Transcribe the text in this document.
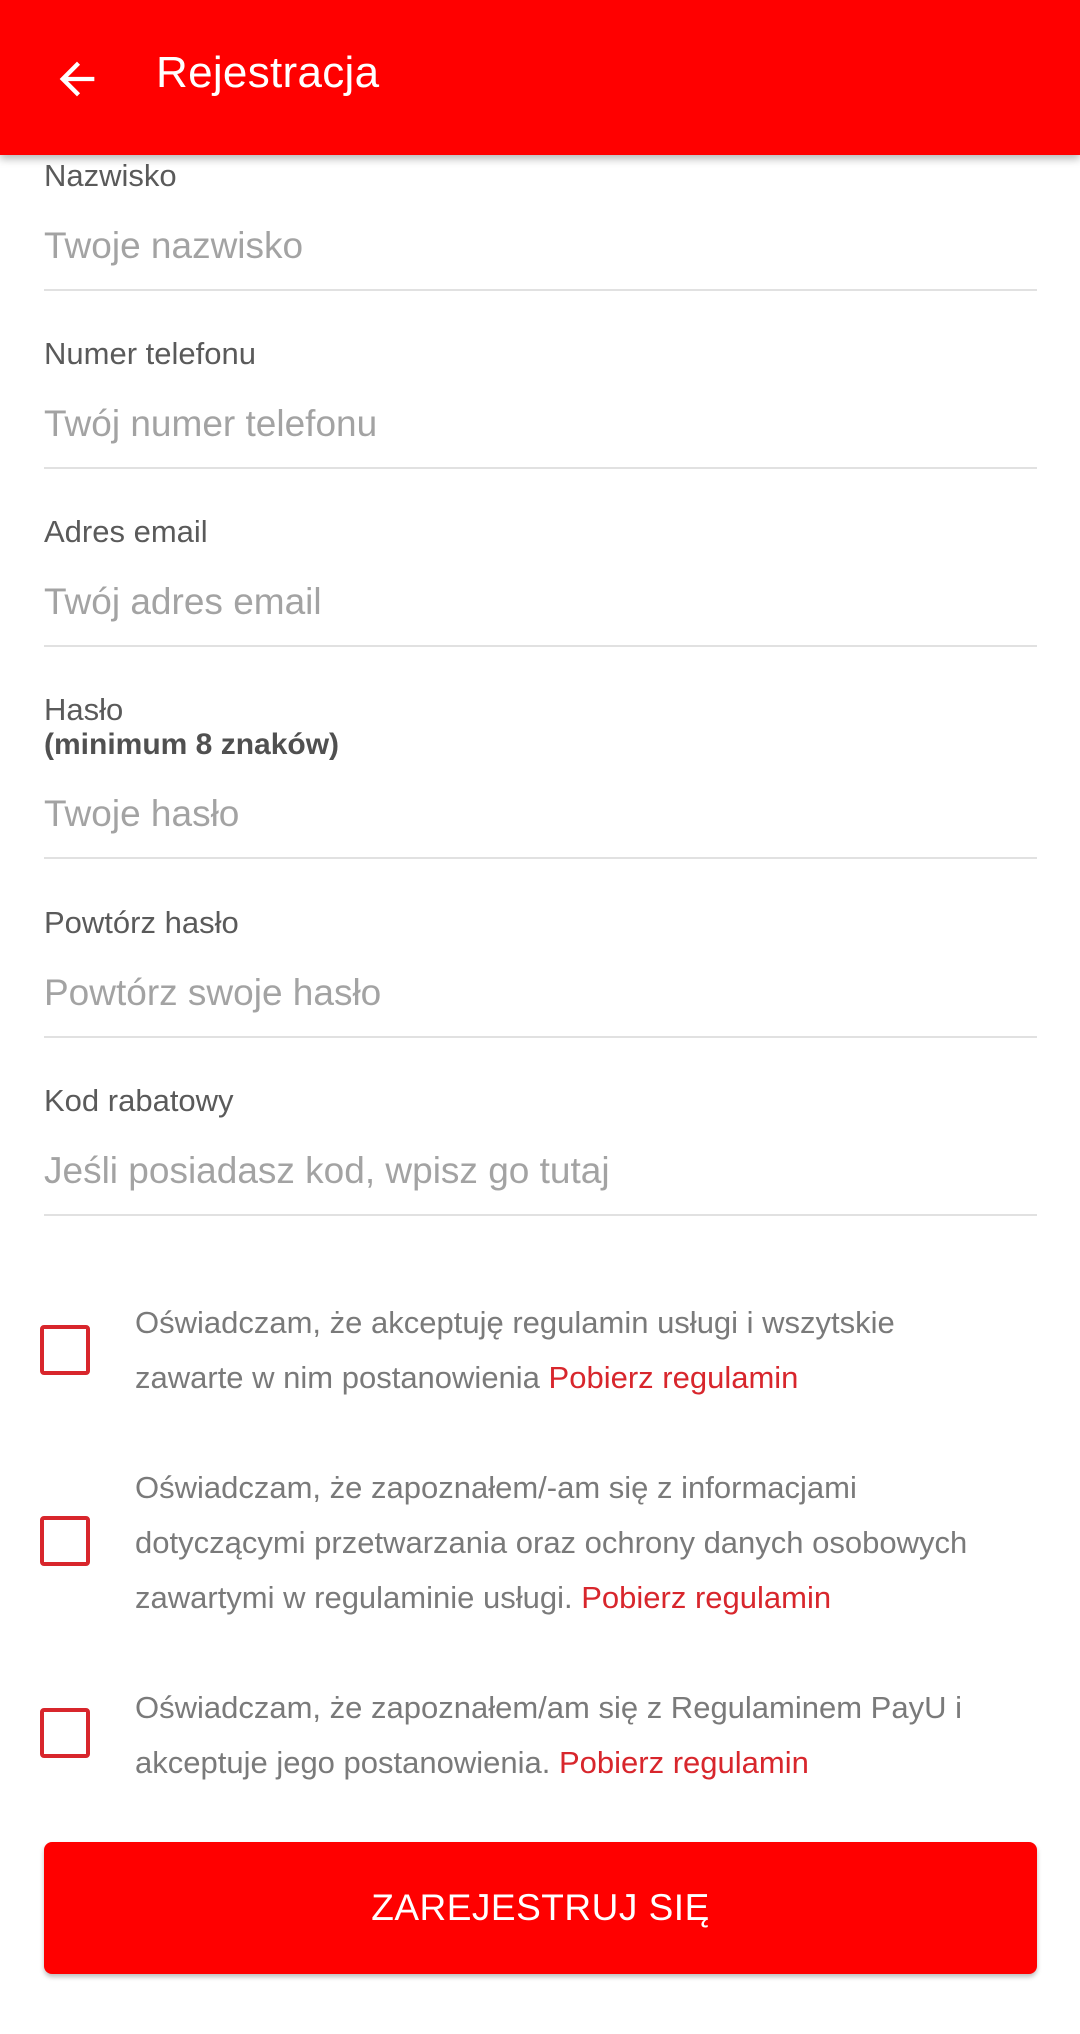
Rejestracja
Nazwisko
Twoje nazwisko
Numer telefonu
Twój numer telefonu
Adres email
Twój adres email
Hasło
(minimum 8 znaków)
Powtórz hasło
Kod rabatowy
Jeśli posiadasz kod, wpisz go tutaj
Oświadczam, że akceptuję regulamin usługi i wszytskie zawarte w nim postanowienia Pobierz regulamin
Oświadczam, że zapoznałem/-am się z informacjami dotyczącymi przetwarzania oraz ochrony danych osobowych zawartymi w regulaminie usługi. Pobierz regulamin
Oświadczam, że zapoznałem/am się z Regulaminem PayU i akceptuje jego postanowienia. Pobierz regulamin
ZAREJESTRUJ SIĘ
